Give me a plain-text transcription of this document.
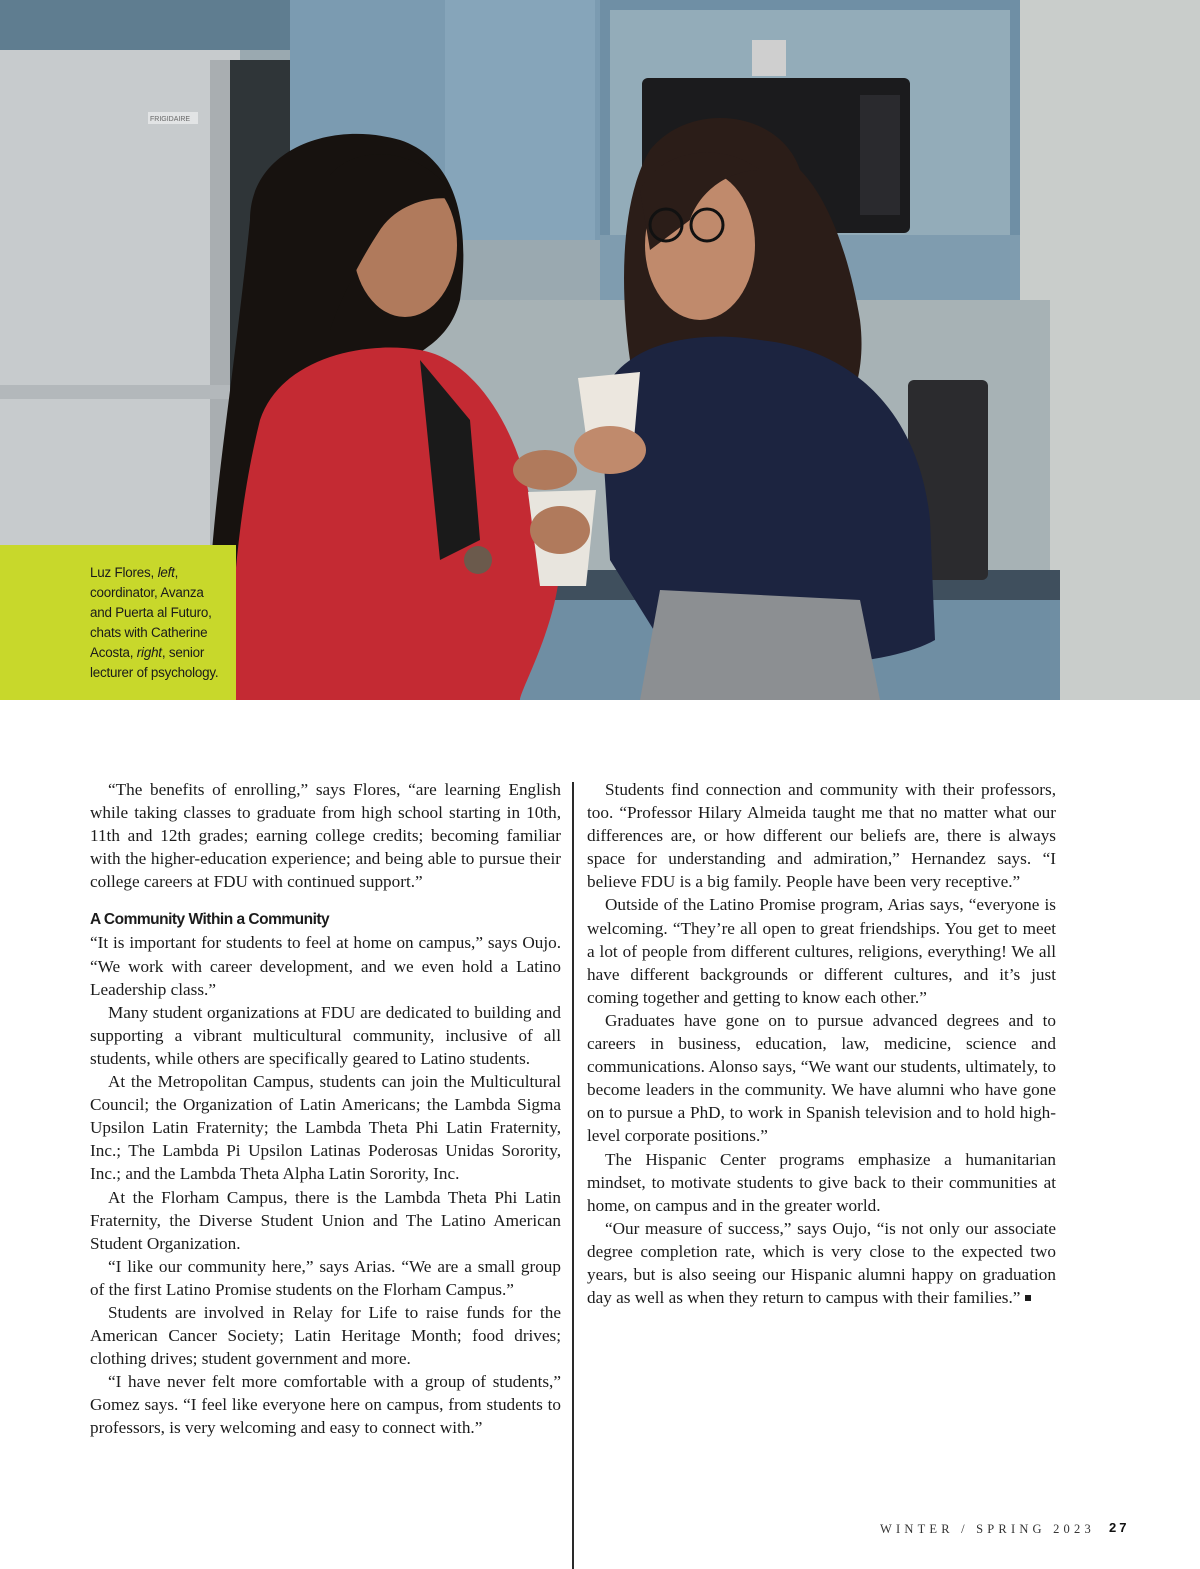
FRIGIDAIRE
Luz Flores, left, coordinator, Avanza and Puerta al Futuro, chats with Catherine Acosta, right, senior lecturer of psychology.

“The benefits of enrolling,” says Flores, “are learning English while taking classes to graduate from high school starting in 10th, 11th and 12th grades; earning college credits; becoming familiar with the higher-education experience; and being able to pursue their college careers at FDU with continued support.”

A Community Within a Community

“It is important for students to feel at home on campus,” says Oujo. “We work with career development, and we even hold a Latino Leadership class.”

Many student organizations at FDU are dedicated to building and supporting a vibrant multicultural community, inclusive of all students, while others are specifically geared to Latino students.

At the Metropolitan Campus, students can join the Multicultural Council; the Organization of Latin Americans; the Lambda Sigma Upsilon Latin Fraternity; the Lambda Theta Phi Latin Fraternity, Inc.; The Lambda Pi Upsilon Latinas Poderosas Unidas Sorority, Inc.; and the Lambda Theta Alpha Latin Sorority, Inc.

At the Florham Campus, there is the Lambda Theta Phi Latin Fraternity, the Diverse Student Union and The Latino American Student Organization.

“I like our community here,” says Arias. “We are a small group of the first Latino Promise students on the Florham Campus.”

Students are involved in Relay for Life to raise funds for the American Cancer Society; Latin Heritage Month; food drives; clothing drives; student government and more.

“I have never felt more comfortable with a group of students,” Gomez says. “I feel like everyone here on campus, from students to professors, is very welcoming and easy to connect with.”

Students find connection and community with their professors, too. “Professor Hilary Almeida taught me that no matter what our differences are, or how different our beliefs are, there is always space for understanding and admiration,” Hernandez says. “I believe FDU is a big family. People have been very receptive.”

Outside of the Latino Promise program, Arias says, “everyone is welcoming. “They’re all open to great friendships. You get to meet a lot of people from different cultures, religions, everything! We all have different backgrounds or different cultures, and it’s just coming together and getting to know each other.”

Graduates have gone on to pursue advanced degrees and to careers in business, education, law, medicine, science and communications. Alonso says, “We want our students, ultimately, to become leaders in the community. We have alumni who have gone on to pursue a PhD, to work in Spanish television and to hold high-level corporate positions.”

The Hispanic Center programs emphasize a humanitarian mindset, to motivate students to give back to their communities at home, on campus and in the greater world.

“Our measure of success,” says Oujo, “is not only our associate degree completion rate, which is very close to the expected two years, but is also seeing our Hispanic alumni happy on graduation day as well as when they return to campus with their families.”

WINTER / SPRING 2023 27
